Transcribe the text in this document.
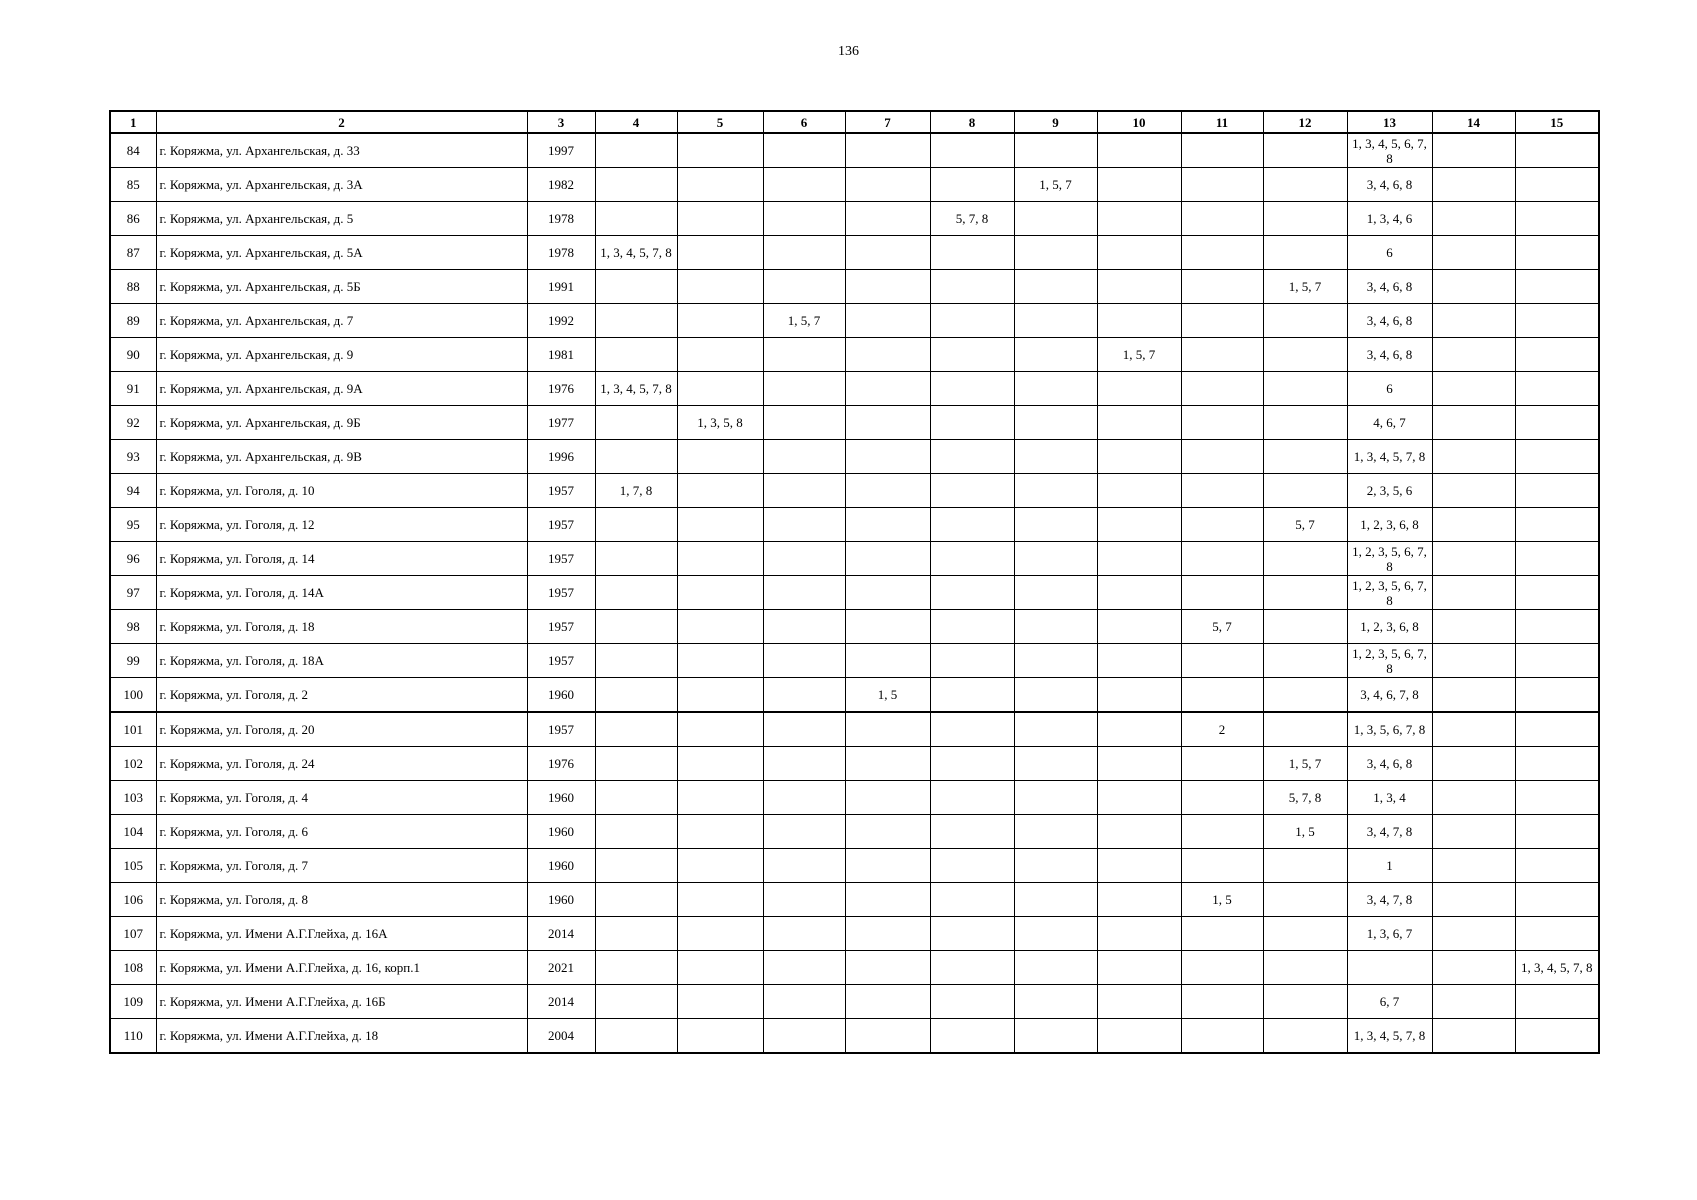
136
1	2	3	4	5	6	7	8	9	10	11	12	13	14	15
84	г. Коряжма, ул. Архангельская, д. 33	1997										1, 3, 4, 5, 6, 7, 8		
85	г. Коряжма, ул. Архангельская, д. 3А	1982						1, 5, 7				3, 4, 6, 8		
86	г. Коряжма, ул. Архангельская, д. 5	1978					5, 7, 8					1, 3, 4, 6		
87	г. Коряжма, ул. Архангельская, д. 5А	1978	1, 3, 4, 5, 7, 8									6		
88	г. Коряжма, ул. Архангельская, д. 5Б	1991									1, 5, 7	3, 4, 6, 8		
89	г. Коряжма, ул. Архангельская, д. 7	1992			1, 5, 7							3, 4, 6, 8		
90	г. Коряжма, ул. Архангельская, д. 9	1981							1, 5, 7			3, 4, 6, 8		
91	г. Коряжма, ул. Архангельская, д. 9А	1976	1, 3, 4, 5, 7, 8									6		
92	г. Коряжма, ул. Архангельская, д. 9Б	1977		1, 3, 5, 8								4, 6, 7		
93	г. Коряжма, ул. Архангельская, д. 9В	1996										1, 3, 4, 5, 7, 8		
94	г. Коряжма, ул. Гоголя, д. 10	1957	1, 7, 8									2, 3, 5, 6		
95	г. Коряжма, ул. Гоголя, д. 12	1957									5, 7	1, 2, 3, 6, 8		
96	г. Коряжма, ул. Гоголя, д. 14	1957										1, 2, 3, 5, 6, 7, 8		
97	г. Коряжма, ул. Гоголя, д. 14А	1957										1, 2, 3, 5, 6, 7, 8		
98	г. Коряжма, ул. Гоголя, д. 18	1957								5, 7		1, 2, 3, 6, 8		
99	г. Коряжма, ул. Гоголя, д. 18А	1957										1, 2, 3, 5, 6, 7, 8		
100	г. Коряжма, ул. Гоголя, д. 2	1960				1, 5						3, 4, 6, 7, 8		
101	г. Коряжма, ул. Гоголя, д. 20	1957								2		1, 3, 5, 6, 7, 8		
102	г. Коряжма, ул. Гоголя, д. 24	1976									1, 5, 7	3, 4, 6, 8		
103	г. Коряжма, ул. Гоголя, д. 4	1960									5, 7, 8	1, 3, 4		
104	г. Коряжма, ул. Гоголя, д. 6	1960									1, 5	3, 4, 7, 8		
105	г. Коряжма, ул. Гоголя, д. 7	1960										1		
106	г. Коряжма, ул. Гоголя, д. 8	1960								1, 5		3, 4, 7, 8		
107	г. Коряжма, ул. Имени А.Г.Глейха, д. 16А	2014										1, 3, 6, 7		
108	г. Коряжма, ул. Имени А.Г.Глейха, д. 16, корп.1	2021												1, 3, 4, 5, 7, 8
109	г. Коряжма, ул. Имени А.Г.Глейха, д. 16Б	2014										6, 7		
110	г. Коряжма, ул. Имени А.Г.Глейха, д. 18	2004										1, 3, 4, 5, 7, 8		
